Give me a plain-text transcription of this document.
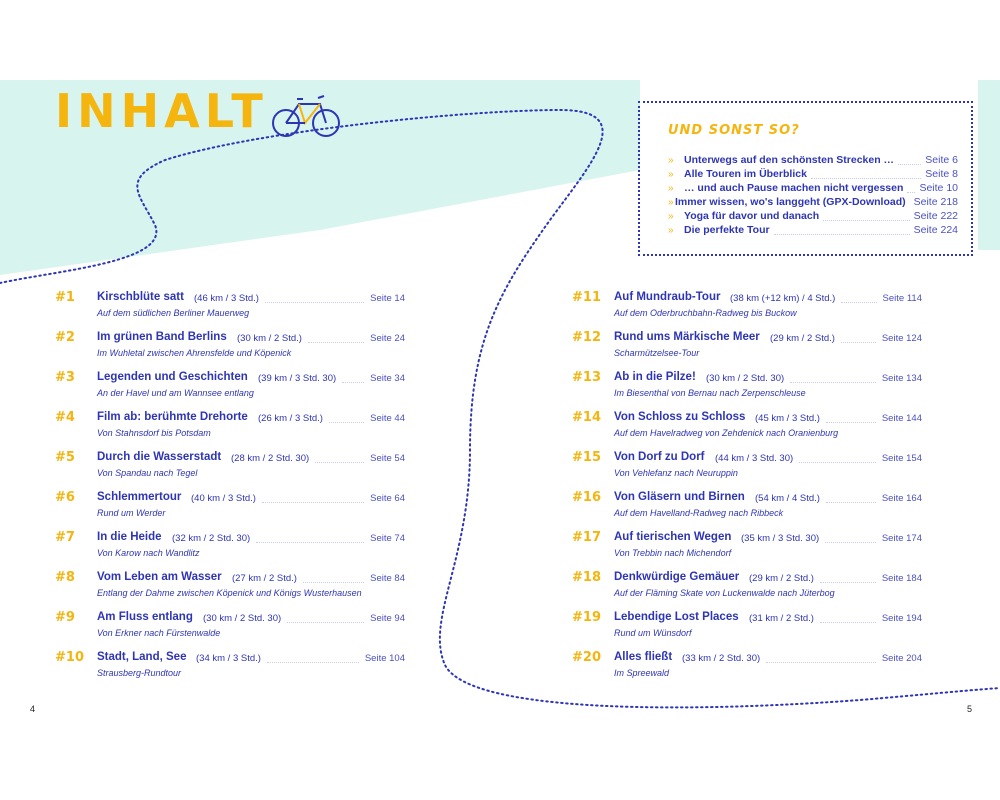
INHALT	UND SONST SO?
» Unterwegs auf den schönsten Strecken …	Seite 6
» Alle Touren im Überblick	Seite 8
» … und auch Pause machen nicht vergessen Seite 10
» Immer wissen, wo's langgeht (GPX-Download) Seite 218
» Yoga für davor und danach	Seite 222
» Die perfekte Tour	Seite 224
#1 Kirschblüte satt (46 km / 3 Std.)	Seite 14
Auf dem südlichen Berliner Mauerweg
#2 Im grünen Band Berlins (30 km / 2 Std.)	Seite 24
Im Wuhletal zwischen Ahrensfelde und Köpenick
#3 Legenden und Geschichten (39 km / 3 Std. 30)	Seite 34
An der Havel und am Wannsee entlang
#4 Film ab: berühmte Drehorte (26 km / 3 Std.)	Seite 44
Von Stahnsdorf bis Potsdam
#5 Durch die Wasserstadt (28 km / 2 Std. 30)	Seite 54
Von Spandau nach Tegel
#6 Schlemmertour (40 km / 3 Std.)	Seite 64
Rund um Werder
#7 In die Heide (32 km / 2 Std. 30)	Seite 74
Von Karow nach Wandlitz
#8 Vom Leben am Wasser (27 km / 2 Std.)	Seite 84
Entlang der Dahme zwischen Köpenick und Königs Wusterhausen
#9 Am Fluss entlang (30 km / 2 Std. 30)	Seite 94
Von Erkner nach Fürstenwalde
#10 Stadt, Land, See (34 km / 3 Std.)	Seite 104
Strausberg-Rundtour
#11 Auf Mundraub-Tour (38 km (+12 km) / 4 Std.)	Seite 114
Auf dem Oderbruchbahn-Radweg bis Buckow
#12 Rund ums Märkische Meer (29 km / 2 Std.)	Seite 124
Scharmützelsee-Tour
#13 Ab in die Pilze! (30 km / 2 Std. 30)	Seite 134
Im Biesenthal von Bernau nach Zerpenschleuse
#14 Von Schloss zu Schloss (45 km / 3 Std.)	Seite 144
Auf dem Havelradweg von Zehdenick nach Oranienburg
#15 Von Dorf zu Dorf (44 km / 3 Std. 30)	Seite 154
Von Vehlefanz nach Neuruppin
#16 Von Gläsern und Birnen (54 km / 4 Std.)	Seite 164
Auf dem Havelland-Radweg nach Ribbeck
#17 Auf tierischen Wegen (35 km / 3 Std. 30)	Seite 174
Von Trebbin nach Michendorf
#18 Denkwürdige Gemäuer (29 km / 2 Std.)	Seite 184
Auf der Fläming Skate von Luckenwalde nach Jüterbog
#19 Lebendige Lost Places (31 km / 2 Std.)	Seite 194
Rund um Wünsdorf
#20 Alles fließt (33 km / 2 Std. 30)	Seite 204
Im Spreewald
4	5
